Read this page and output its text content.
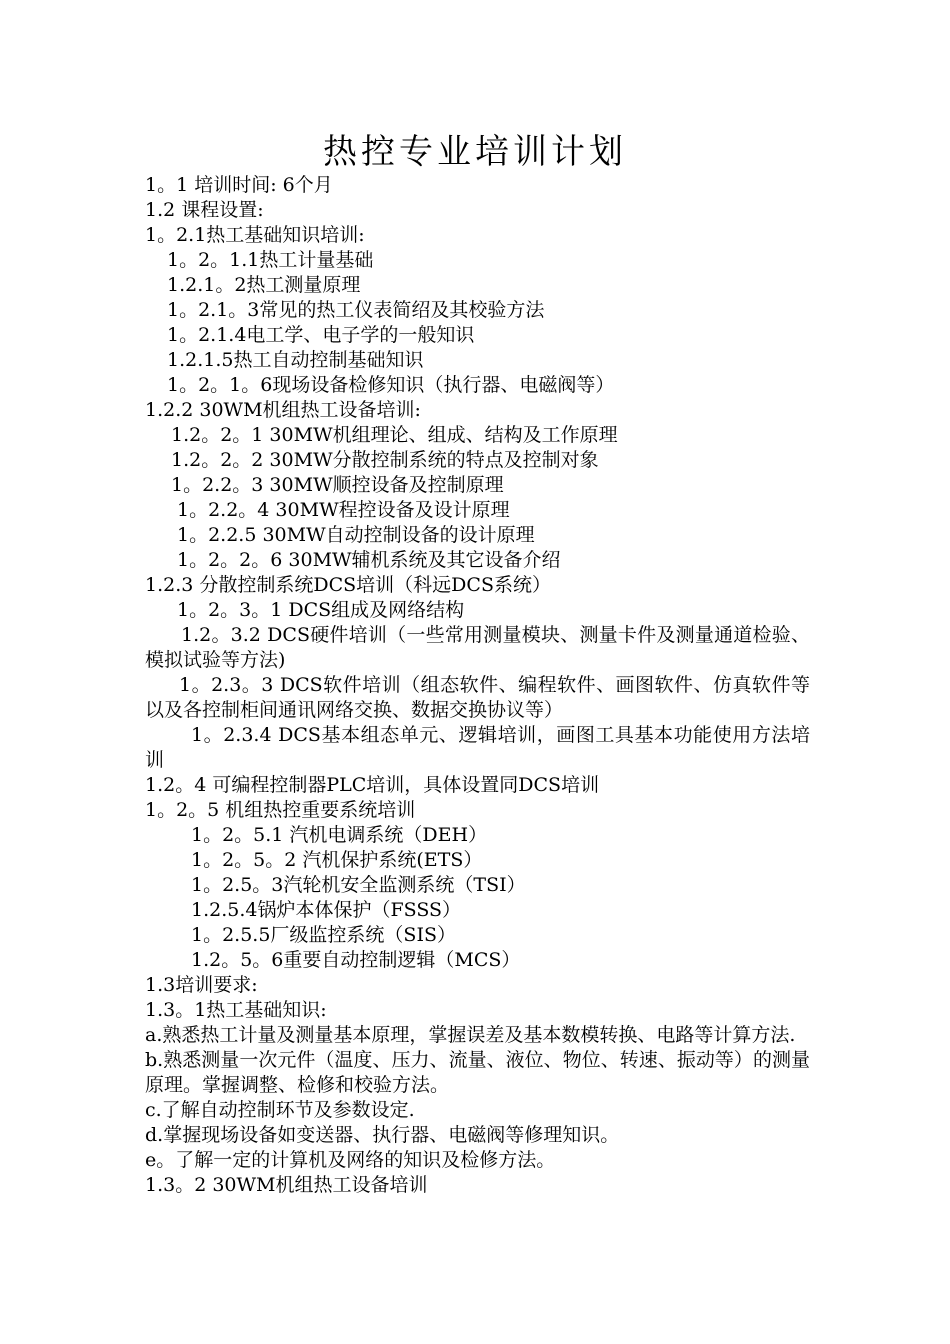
热控专业培训计划
1。1 培训时间: 6个月
1.2 课程设置:
1。2.1热工基础知识培训:
1。2。1.1热工计量基础
1.2.1。2热工测量原理
1。2.1。3常见的热工仪表简绍及其校验方法
1。2.1.4电工学、电子学的一般知识
1.2.1.5热工自动控制基础知识
1。2。1。6现场设备检修知识（执行器、电磁阀等）
1.2.2 30WM机组热工设备培训:
1.2。2。1 30MW机组理论、组成、结构及工作原理
1.2。2。2 30MW分散控制系统的特点及控制对象
1。2.2。3 30MW顺控设备及控制原理
1。2.2。4 30MW程控设备及设计原理
1。2.2.5 30MW自动控制设备的设计原理
1。2。2。6 30MW辅机系统及其它设备介绍
1.2.3 分散控制系统DCS培训（科远DCS系统）
1。2。3。1 DCS组成及网络结构
1.2。3.2 DCS硬件培训（一些常用测量模块、测量卡件及测量通道检验、模拟试验等方法)
1。2.3。3 DCS软件培训（组态软件、编程软件、画图软件、仿真软件等以及各控制柜间通讯网络交换、数据交换协议等）
1。2.3.4 DCS基本组态单元、逻辑培训，画图工具基本功能使用方法培训
1.2。4 可编程控制器PLC培训，具体设置同DCS培训
1。2。5 机组热控重要系统培训
1。2。5.1 汽机电调系统（DEH）
1。2。5。2 汽机保护系统(ETS）
1。2.5。3汽轮机安全监测系统（TSI）
1.2.5.4锅炉本体保护（FSSS）
1。2.5.5厂级监控系统（SIS）
1.2。5。6重要自动控制逻辑（MCS）
1.3培训要求:
1.3。1热工基础知识:
a.熟悉热工计量及测量基本原理，掌握误差及基本数模转换、电路等计算方法.
b.熟悉测量一次元件（温度、压力、流量、液位、物位、转速、振动等）的测量原理。掌握调整、检修和校验方法。
c.了解自动控制环节及参数设定.
d.掌握现场设备如变送器、执行器、电磁阀等修理知识。
e。了解一定的计算机及网络的知识及检修方法。
1.3。2 30WM机组热工设备培训
